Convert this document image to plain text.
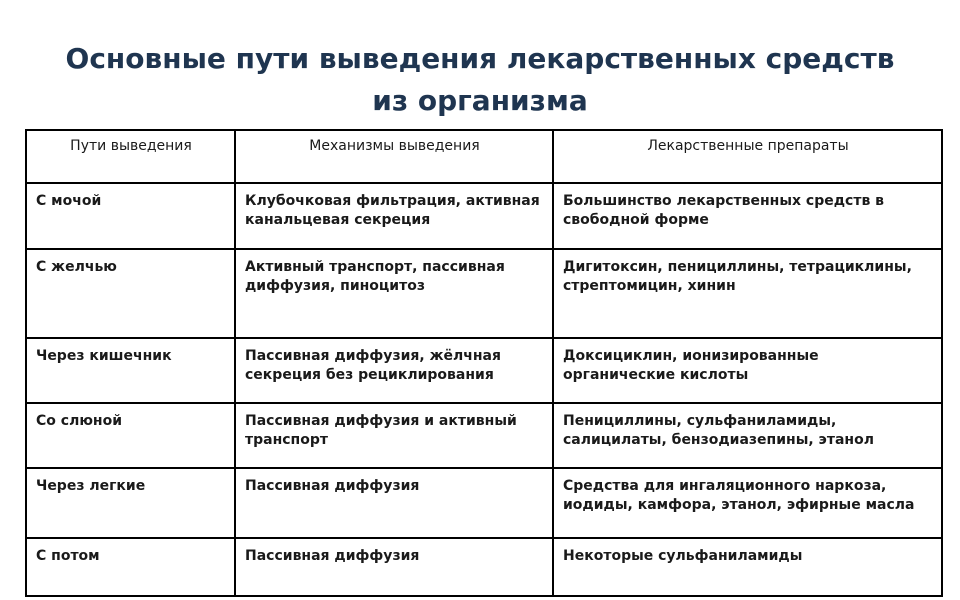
Основные пути выведения лекарственных средств
из организма
Пути выведения	Механизмы выведения	Лекарственные препараты
С мочой	Клубочковая фильтрация, активная канальцевая секреция	Большинство лекарственных средств в свободной форме
С желчью	Активный транспорт, пассивная диффузия, пиноцитоз	Дигитоксин, пенициллины, тетрациклины, стрептомицин, хинин
Через кишечник	Пассивная диффузия, жёлчная секреция без рециклирования	Доксициклин, ионизированные органические кислоты
Со слюной	Пассивная диффузия и активный транспорт	Пенициллины, сульфаниламиды, салицилаты, бензодиазепины, этанол
Через легкие	Пассивная диффузия	Средства для ингаляционного наркоза, иодиды, камфора, этанол, эфирные масла
С потом	Пассивная диффузия	Некоторые сульфаниламиды
